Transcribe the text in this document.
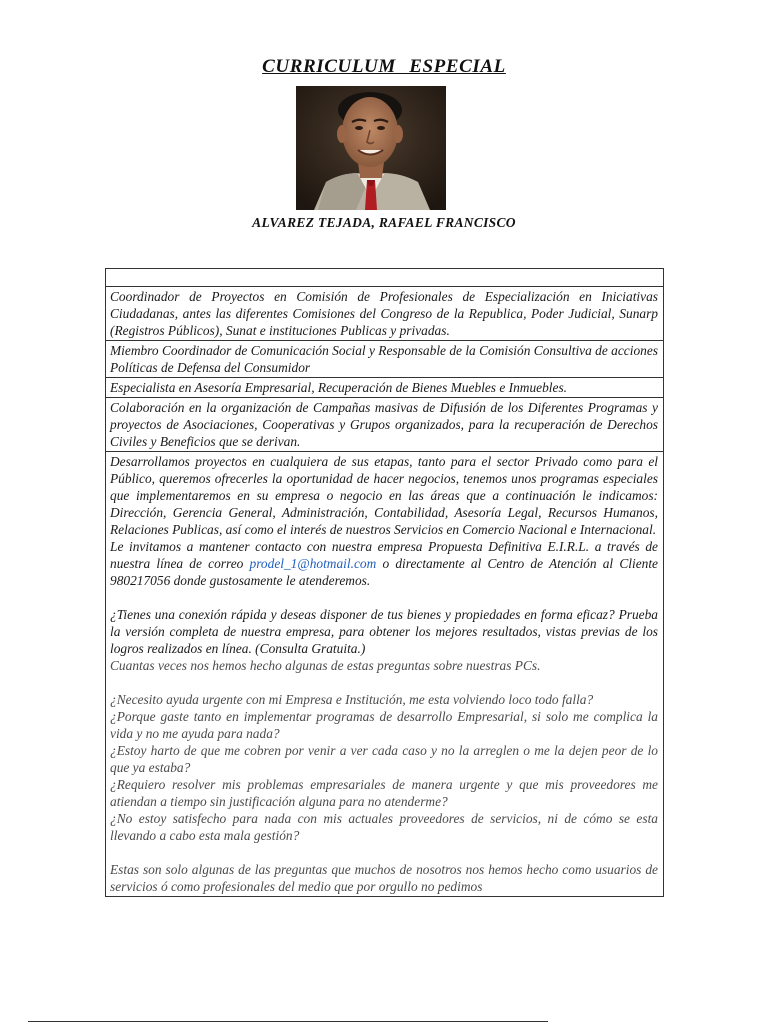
CURRICULUM ESPECIAL
ALVAREZ TEJADA, RAFAEL FRANCISCO

Coordinador de Proyectos en Comisión de Profesionales de Especialización en Iniciativas Ciudadanas, antes las diferentes Comisiones del Congreso de la Republica, Poder Judicial, Sunarp (Registros Públicos), Sunat e instituciones Publicas y privadas.
Miembro Coordinador de Comunicación Social y Responsable de la Comisión Consultiva de acciones Políticas de Defensa del Consumidor
Especialista en Asesoría Empresarial, Recuperación de Bienes Muebles e Inmuebles.
Colaboración en la organización de Campañas masivas de Difusión de los Diferentes Programas y proyectos de Asociaciones, Cooperativas y Grupos organizados, para la recuperación de Derechos Civiles y Beneficios que se derivan.

Desarrollamos proyectos en cualquiera de sus etapas, tanto para el sector Privado como para el Público, queremos ofrecerles la oportunidad de hacer negocios, tenemos unos programas especiales que implementaremos en su empresa o negocio en las áreas que a continuación le indicamos: Dirección, Gerencia General, Administración, Contabilidad, Asesoría Legal, Recursos Humanos, Relaciones Publicas, así como el interés de nuestros Servicios en Comercio Nacional e Internacional.
Le invitamos a mantener contacto con nuestra empresa Propuesta Definitiva E.I.R.L. a través de nuestra línea de correo prodel_1@hotmail.com o directamente al Centro de Atención al Cliente 980217056 donde gustosamente le atenderemos.
¿Tienes una conexión rápida y deseas disponer de tus bienes y propiedades en forma eficaz? Prueba la versión completa de nuestra empresa, para obtener los mejores resultados, vistas previas de los logros realizados en línea. (Consulta Gratuita.)
Cuantas veces nos hemos hecho algunas de estas preguntas sobre nuestras PCs.
¿Necesito ayuda urgente con mi Empresa e Institución, me esta volviendo loco todo falla?
¿Porque gaste tanto en implementar programas de desarrollo Empresarial, si solo me complica la vida y no me ayuda para nada?
¿Estoy harto de que me cobren por venir a ver cada caso y no la arreglen o me la dejen peor de lo que ya estaba?
¿Requiero resolver mis problemas empresariales de manera urgente y que mis proveedores me atiendan a tiempo sin justificación alguna para no atenderme?
¿No estoy satisfecho para nada con mis actuales proveedores de servicios, ni de cómo se esta llevando a cabo esta mala gestión?
Estas son solo algunas de las preguntas que muchos de nosotros nos hemos hecho como usuarios de servicios ó como profesionales del medio que por orgullo no pedimos
